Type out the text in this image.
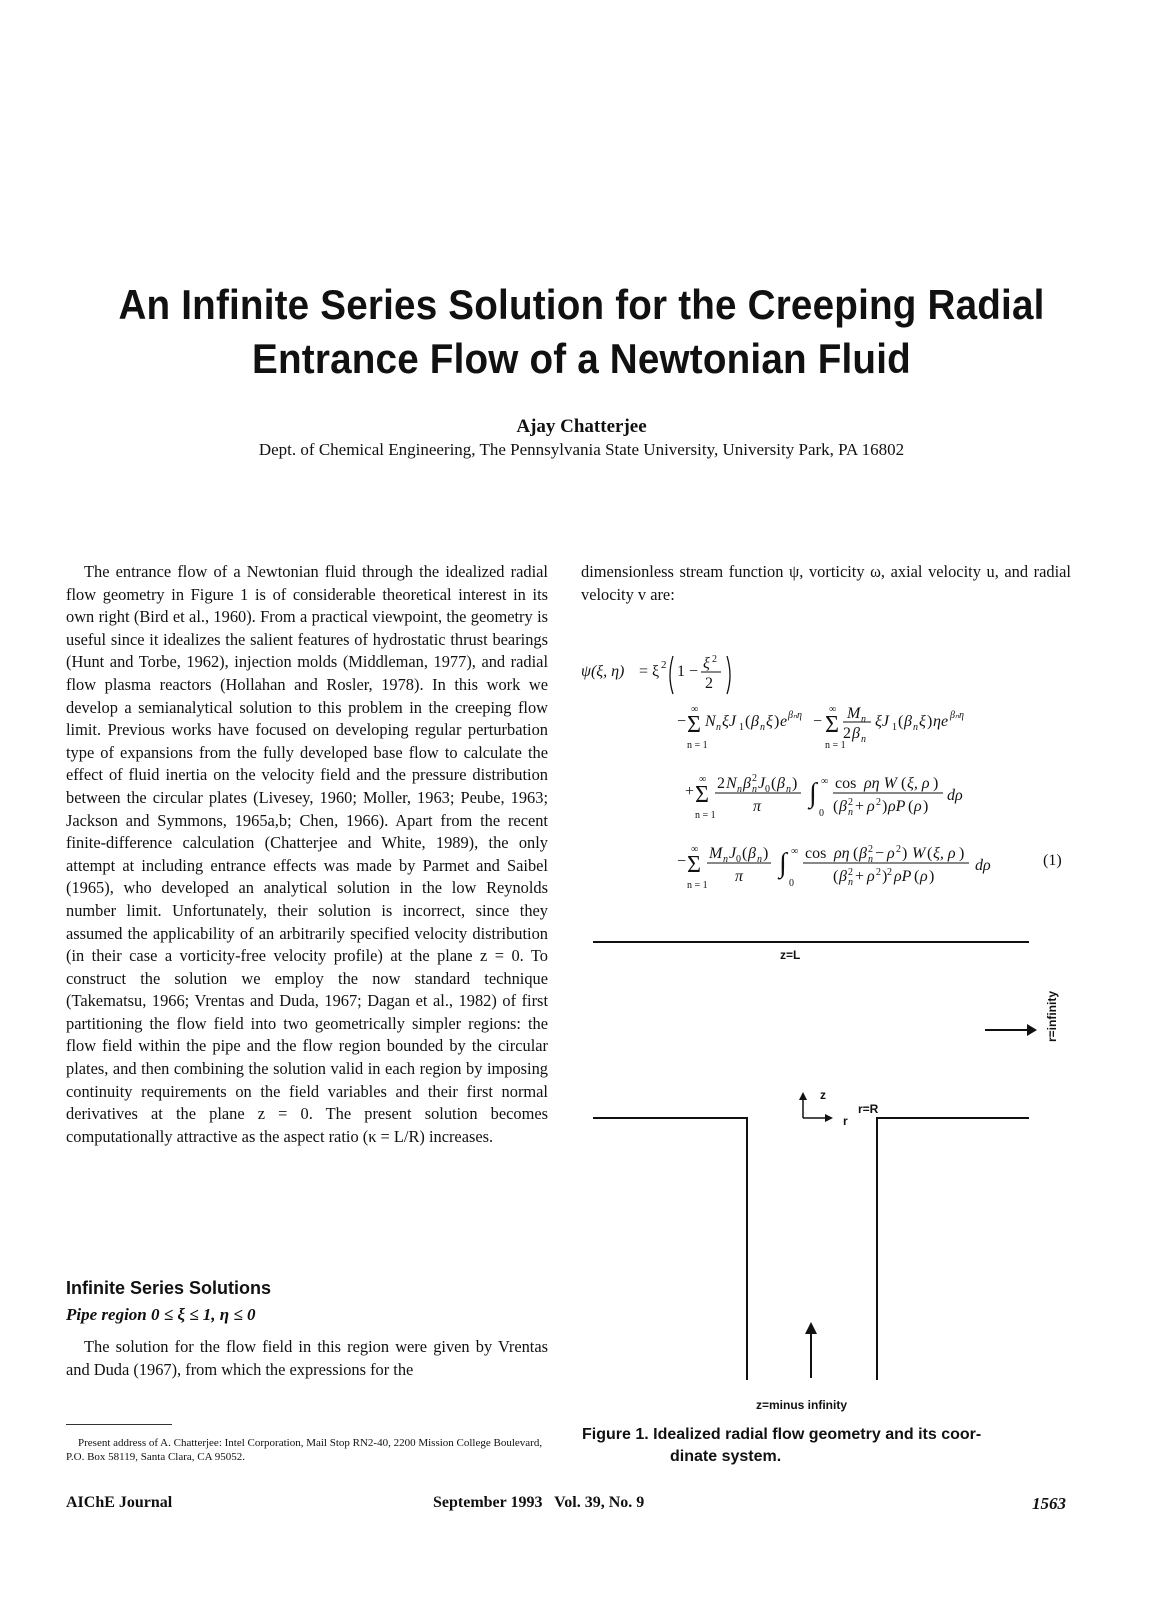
An Infinite Series Solution for the Creeping Radial
Entrance Flow of a Newtonian Fluid
Ajay Chatterjee
Dept. of Chemical Engineering, The Pennsylvania State University, University Park, PA 16802

The entrance flow of a Newtonian fluid through the idealized radial flow geometry in Figure 1 is of considerable theoretical interest in its own right (Bird et al., 1960). From a practical viewpoint, the geometry is useful since it idealizes the salient features of hydrostatic thrust bearings (Hunt and Torbe, 1962), injection molds (Middleman, 1977), and radial flow plasma reactors (Hollahan and Rosler, 1978). In this work we develop a semianalytical solution to this problem in the creeping flow limit. Previous works have focused on developing regular perturbation type of expansions from the fully developed base flow to calculate the effect of fluid inertia on the velocity field and the pressure distribution between the circular plates (Livesey, 1960; Moller, 1963; Peube, 1963; Jackson and Symmons, 1965a,b; Chen, 1966). Apart from the recent finite-difference calculation (Chatterjee and White, 1989), the only attempt at including entrance effects was made by Parmet and Saibel (1965), who developed an analytical solution in the low Reynolds number limit. Unfortunately, their solution is incorrect, since they assumed the applicability of an arbitrarily specified velocity distribution (in their case a vorticity-free velocity profile) at the plane z = 0. To construct the solution we employ the now standard technique (Takematsu, 1966; Vrentas and Duda, 1967; Dagan et al., 1982) of first partitioning the flow field into two geometrically simpler regions: the flow field within the pipe and the flow region bounded by the circular plates, and then combining the solution valid in each region by imposing continuity requirements on the field variables and their first normal derivatives at the plane z = 0. The present solution becomes computationally attractive as the aspect ratio (κ = L/R) increases.

Infinite Series Solutions
Pipe region 0 ≤ ξ ≤ 1, η ≤ 0
The solution for the flow field in this region were given by Vrentas and Duda (1967), from which the expressions for the
Present address of A. Chatterjee: Intel Corporation, Mail Stop RN2-40, 2200 Mission College Boulevard, P.O. Box 58119, Santa Clara, CA 95052.
dimensionless stream function ψ, vorticity ω, axial velocity u, and radial velocity v are:
ψ(ξ, η) = ξ 2 1 − ξ 2
2
−
∞
Σ
n = 1
N n ξJ 1 ( β n ξ ) e βₙη −
∞
Σ
n = 1
M n
2 β n
ξJ 1 ( β n ξ ) ηe βₙη
+
∞
Σ
n = 1
2 N n β n
2 J 0 ( β n )
π ∫ ∞
0
cos ρη W ( ξ, ρ )
( β n
2 + ρ 2 ) ρP ( ρ )
dρ
−
∞
Σ
n = 1
M n J 0 ( β n )
π ∫ ∞
0
cos ρη ( β n
2 − ρ 2 ) W ( ξ, ρ )
( β n
2 + ρ 2 ) 2 ρP ( ρ )
dρ	(1)
z=L
r=infinity
z
r
r=R
z=minus infinity
Figure 1. Idealized radial flow geometry and its coor-
dinate system.
AIChE Journal	September 1993   Vol. 39, No. 9	1563
